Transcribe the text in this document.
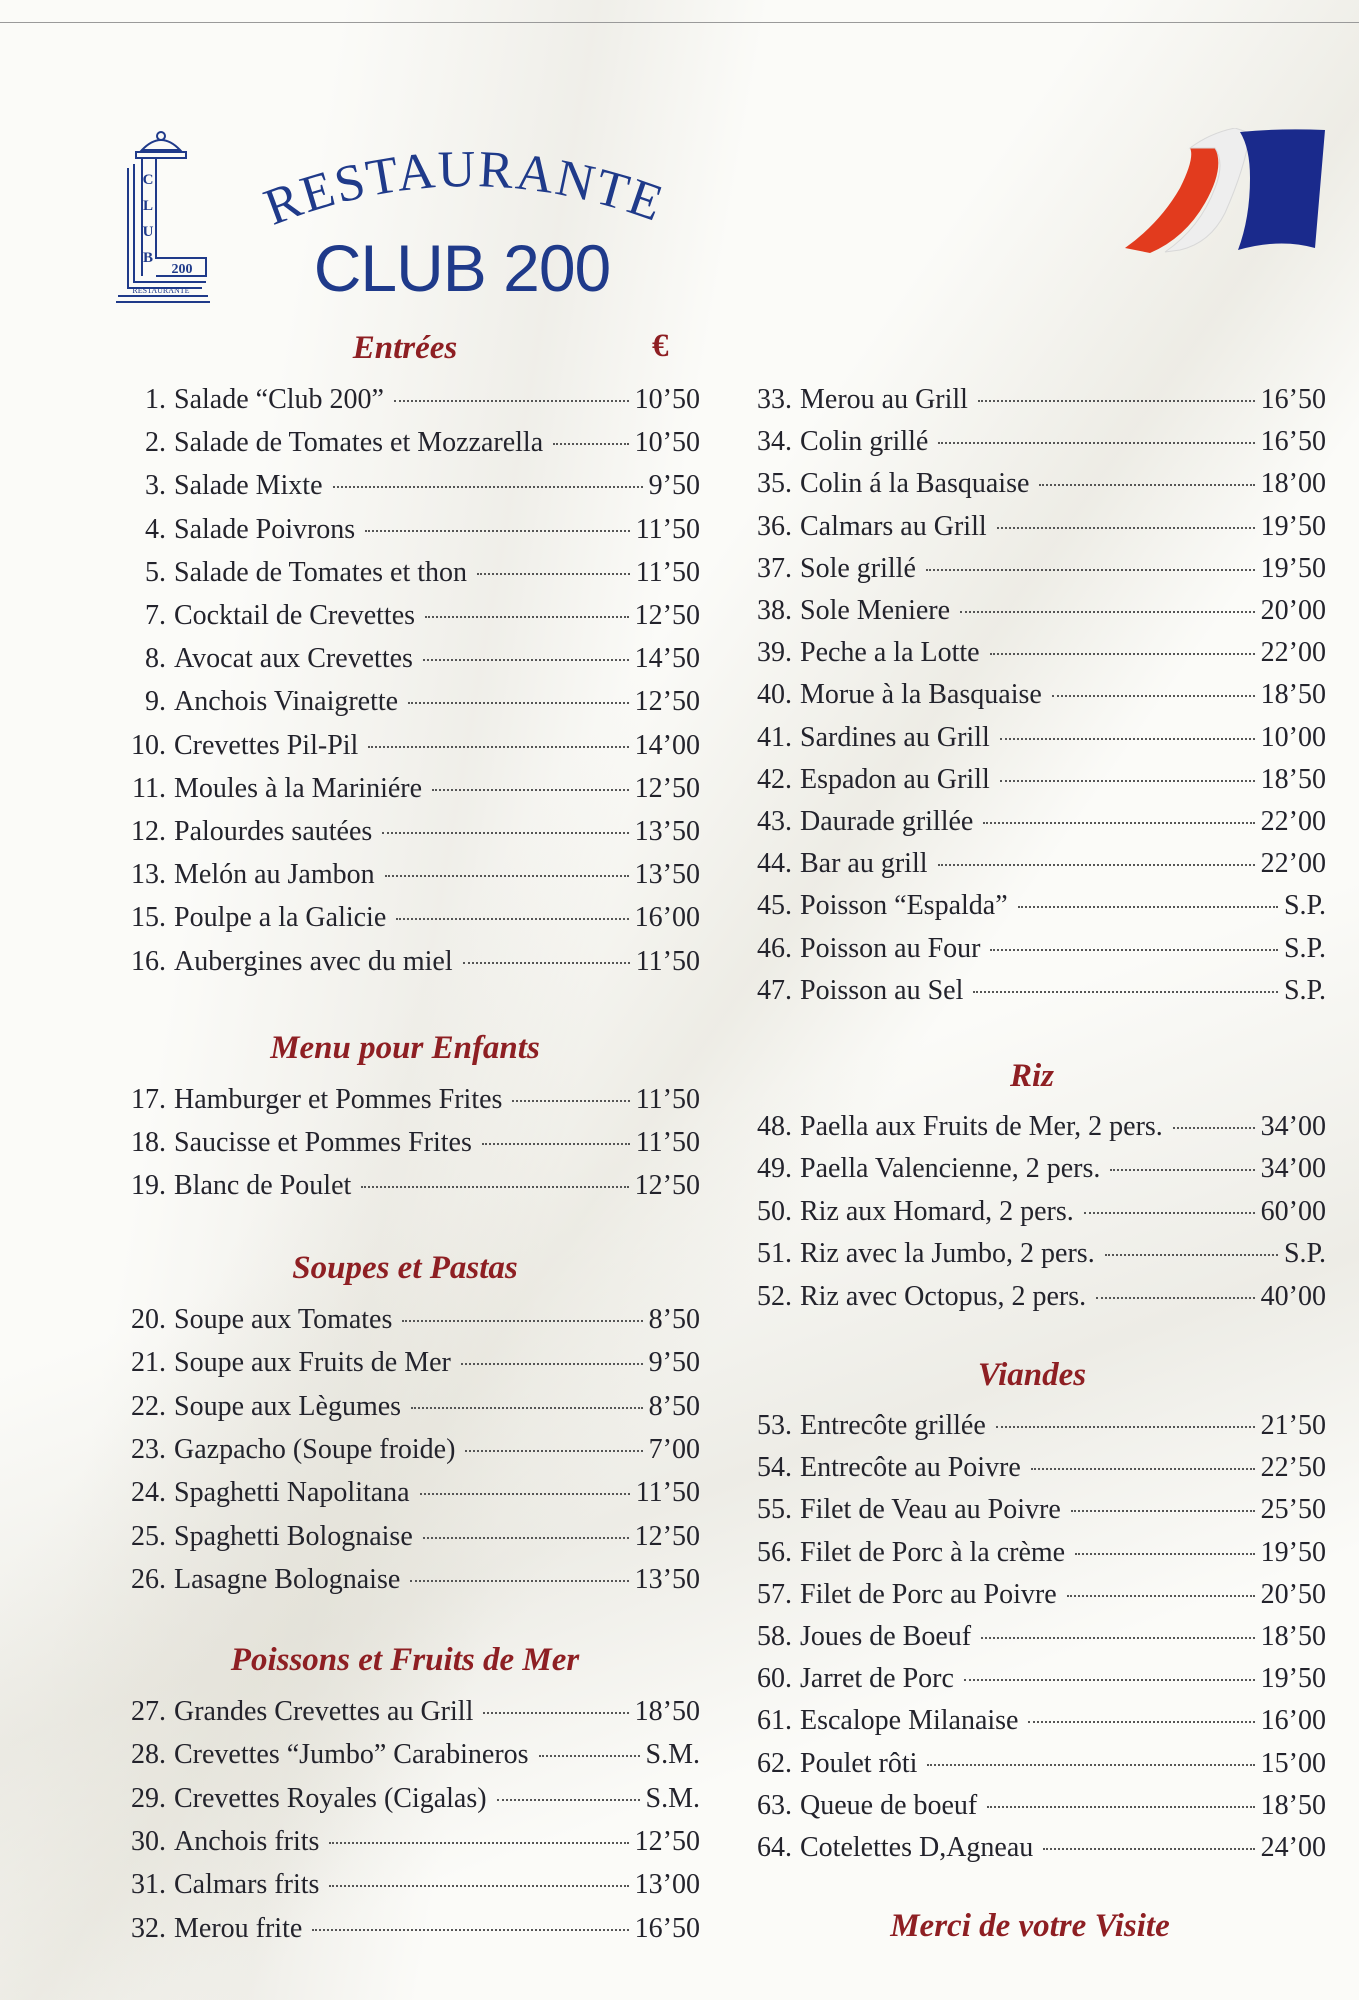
C
L
U
B
200
RESTAURANTE
RESTAURANTE
CLUB 200
Entrées	€
1. Salade “Club 200”	10’50
2. Salade de Tomates et Mozzarella	10’50
3. Salade Mixte	9’50
4. Salade Poivrons	11’50
5. Salade de Tomates et thon	11’50
7. Cocktail de Crevettes	12’50
8. Avocat aux Crevettes	14’50
9. Anchois Vinaigrette	12’50
10. Crevettes Pil-Pil	14’00
11. Moules à la Mariniére	12’50
12. Palourdes sautées	13’50
13. Melón au Jambon	13’50
15. Poulpe a la Galicie	16’00
16. Aubergines avec du miel	11’50
Menu pour Enfants
17. Hamburger et Pommes Frites	11’50
18. Saucisse et Pommes Frites	11’50
19. Blanc de Poulet	12’50
Soupes et Pastas
20. Soupe aux Tomates	8’50
21. Soupe aux Fruits de Mer	9’50
22. Soupe aux Lègumes	8’50
23. Gazpacho (Soupe froide)	7’00
24. Spaghetti Napolitana	11’50
25. Spaghetti Bolognaise	12’50
26. Lasagne Bolognaise	13’50
Poissons et Fruits de Mer
27. Grandes Crevettes au Grill	18’50
28. Crevettes “Jumbo” Carabineros	S.M.
29. Crevettes Royales (Cigalas)	S.M.
30. Anchois frits	12’50
31. Calmars frits	13’00
32. Merou frite	16’50
33. Merou au Grill	16’50
34. Colin grillé	16’50
35. Colin á la Basquaise	18’00
36. Calmars au Grill	19’50
37. Sole grillé	19’50
38. Sole Meniere	20’00
39. Peche a la Lotte	22’00
40. Morue à la Basquaise	18’50
41. Sardines au Grill	10’00
42. Espadon au Grill	18’50
43. Daurade grillée	22’00
44. Bar au grill	22’00
45. Poisson “Espalda”	S.P.
46. Poisson au Four	S.P.
47. Poisson au Sel	S.P.
Riz
48. Paella aux Fruits de Mer, 2 pers.	34’00
49. Paella Valencienne, 2 pers.	34’00
50. Riz aux Homard, 2 pers.	60’00
51. Riz avec la Jumbo, 2 pers.	S.P.
52. Riz avec Octopus, 2 pers.	40’00
Viandes
53. Entrecôte grillée	21’50
54. Entrecôte au Poivre	22’50
55. Filet de Veau au Poivre	25’50
56. Filet de Porc à la crème	19’50
57. Filet de Porc au Poivre	20’50
58. Joues de Boeuf	18’50
60. Jarret de Porc	19’50
61. Escalope Milanaise	16’00
62. Poulet rôti	15’00
63. Queue de boeuf	18’50
64. Cotelettes D,Agneau	24’00
Merci de votre Visite
